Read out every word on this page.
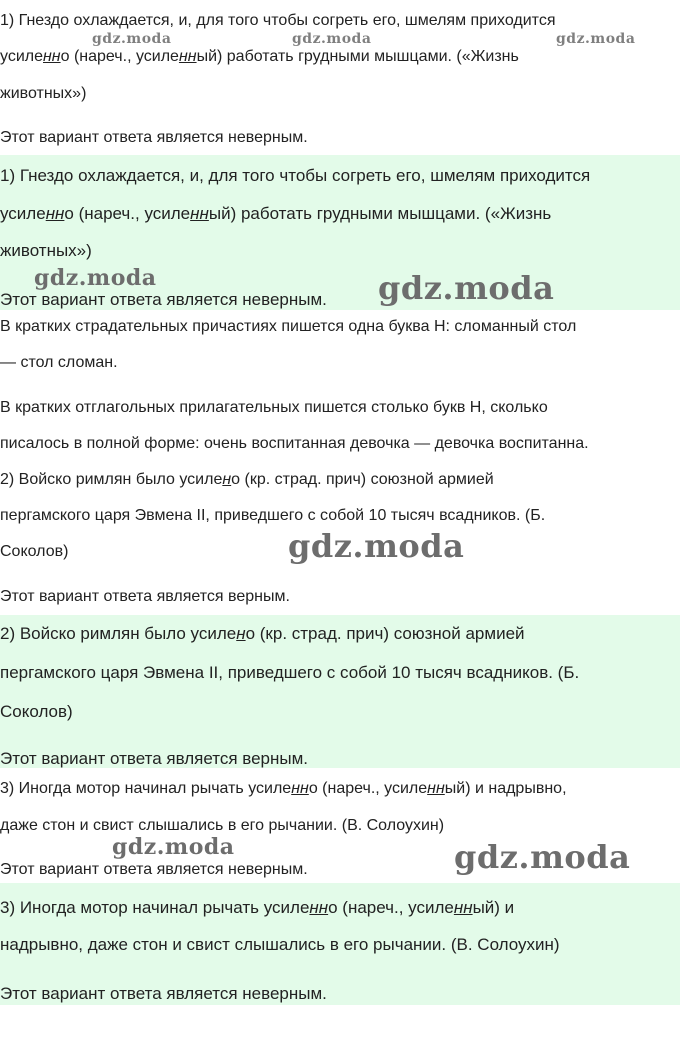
1) Гнездо охлаждается, и, для того чтобы согреть его, шмелям приходится
усиленно (нареч., усиленный) работать грудными мышцами. («Жизнь
животных»)
Этот вариант ответа является неверным.
1) Гнездо охлаждается, и, для того чтобы согреть его, шмелям приходится
усиленно (нареч., усиленный) работать грудными мышцами. («Жизнь
животных»)
Этот вариант ответа является неверным.
В кратких страдательных причастиях пишется одна буква Н: сломанный стол
— стол сломан.
В кратких отглагольных прилагательных пишется столько букв Н, сколько
писалось в полной форме: очень воспитанная девочка — девочка воспитанна.
2) Войско римлян было усилено (кр. страд. прич) союзной армией
пергамского царя Эвмена II, приведшего с собой 10 тысяч всадников. (Б.
Соколов)
Этот вариант ответа является верным.
2) Войско римлян было усилено (кр. страд. прич) союзной армией
пергамского царя Эвмена II, приведшего с собой 10 тысяч всадников. (Б.
Соколов)
Этот вариант ответа является верным.
3) Иногда мотор начинал рычать усиленно (нареч., усиленный) и надрывно,
даже стон и свист слышались в его рычании. (В. Солоухин)
Этот вариант ответа является неверным.
3) Иногда мотор начинал рычать усиленно (нареч., усиленный) и
надрывно, даже стон и свист слышались в его рычании. (В. Солоухин)
Этот вариант ответа является неверным.
gdz.moda	gdz.moda	gdz.moda
gdz.moda	gdz.moda
gdz.moda
gdz.moda	gdz.moda
